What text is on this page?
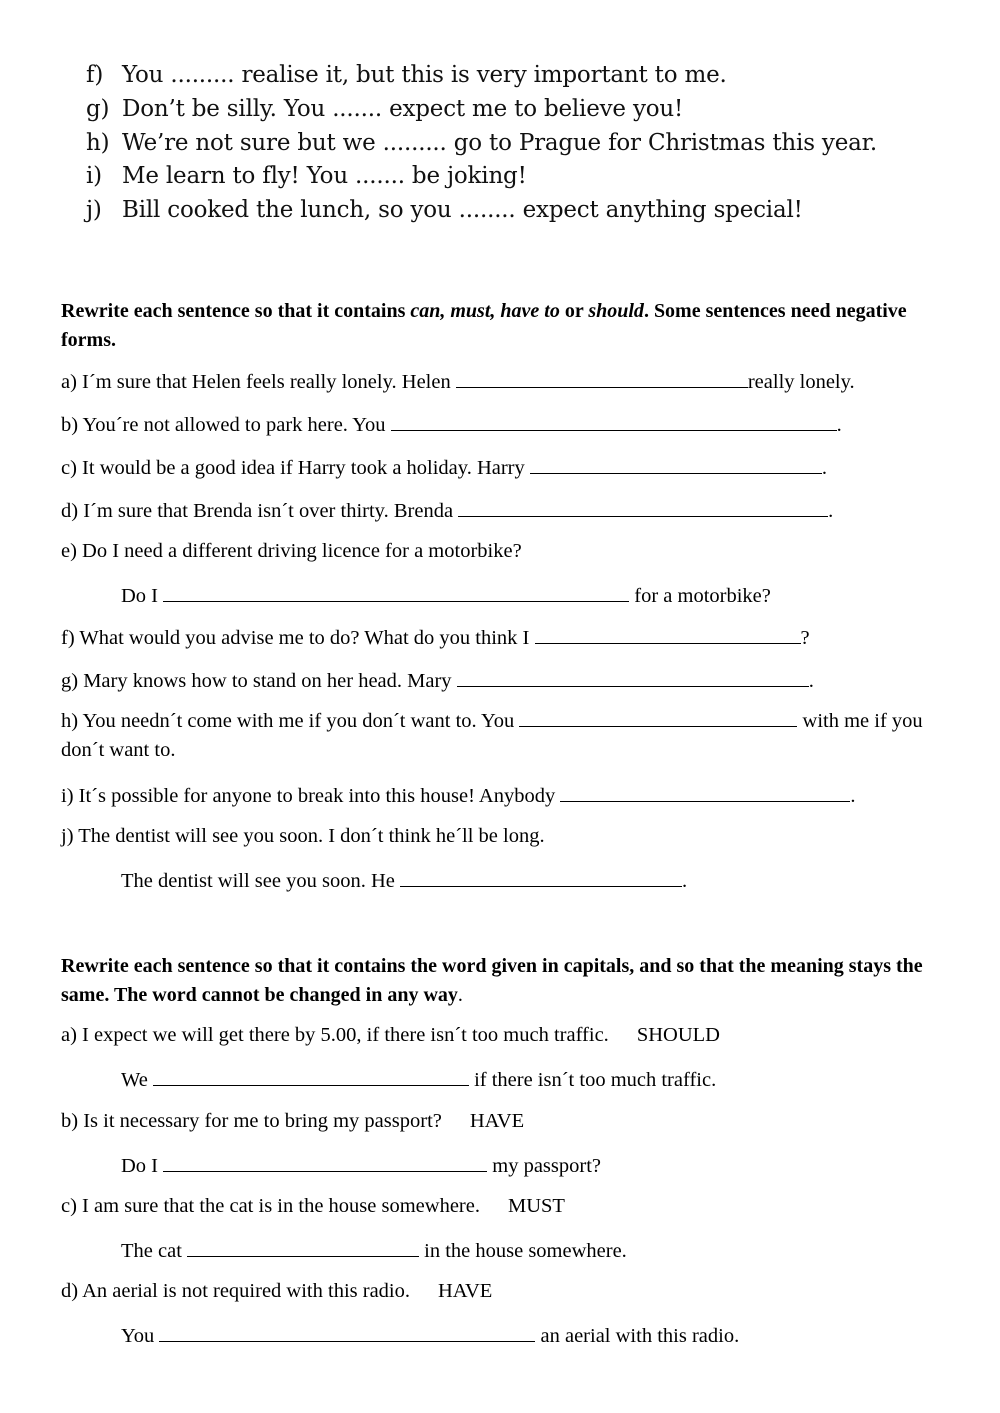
f) You ......... realise it, but this is very important to me.
g) Don’t be silly. You ....... expect me to believe you!
h) We’re not sure but we ......... go to Prague for Christmas this year.
i) Me learn to fly! You ....... be joking!
j) Bill cooked the lunch, so you ........ expect anything special!

Rewrite each sentence so that it contains can, must, have to or should. Some sentences need negative forms.

a) I´m sure that Helen feels really lonely. Helen	really lonely.
b) You´re not allowed to park here. You	.
c) It would be a good idea if Harry took a holiday. Harry	.
d) I´m sure that Brenda isn´t over thirty. Brenda	.
e) Do I need a different driving licence for a motorbike?
Do I	for a motorbike?
f) What would you advise me to do? What do you think I	?
g) Mary knows how to stand on her head. Mary	.
h) You needn´t come with me if you don´t want to. You	with me if you don´t want to.
i) It´s possible for anyone to break into this house! Anybody	.
j) The dentist will see you soon. I don´t think he´ll be long.
The dentist will see you soon. He	.

Rewrite each sentence so that it contains the word given in capitals, and so that the meaning stays the same. The word cannot be changed in any way.

a) I expect we will get there by 5.00, if there isn´t too much traffic. SHOULD
We	if there isn´t too much traffic.
b) Is it necessary for me to bring my passport? HAVE
Do I	my passport?
c) I am sure that the cat is in the house somewhere. MUST
The cat	in the house somewhere.
d) An aerial is not required with this radio. HAVE
You	an aerial with this radio.
